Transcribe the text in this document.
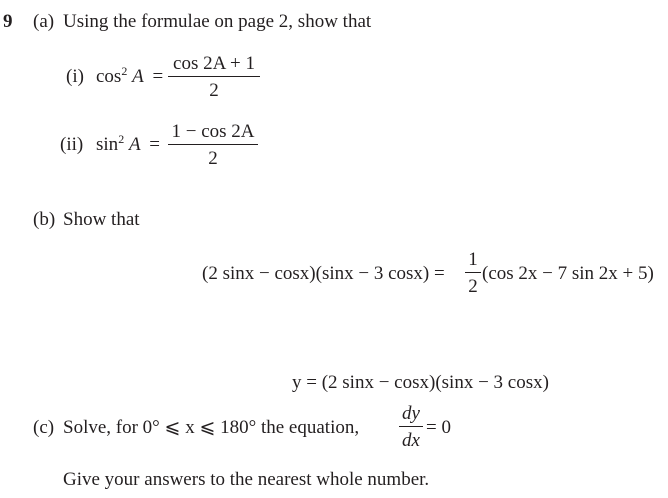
9 (a) Using the formulae on page 2, show that
(i) $\cos^2 A$ =
cos 2A + 1
2
(ii) $\sin^2 A$ =
1 − cos 2A
2
(b) Show that
(2 sinx − cosx)(sinx − 3 cosx) =
1
2
(cos 2x − 7 sin 2x + 5)
y = (2 sinx − cosx)(sinx − 3 cosx)
(c) Solve, for 0° ⩽ x ⩽ 180° the equation,
dy
dx
= 0
Give your answers to the nearest whole number.
